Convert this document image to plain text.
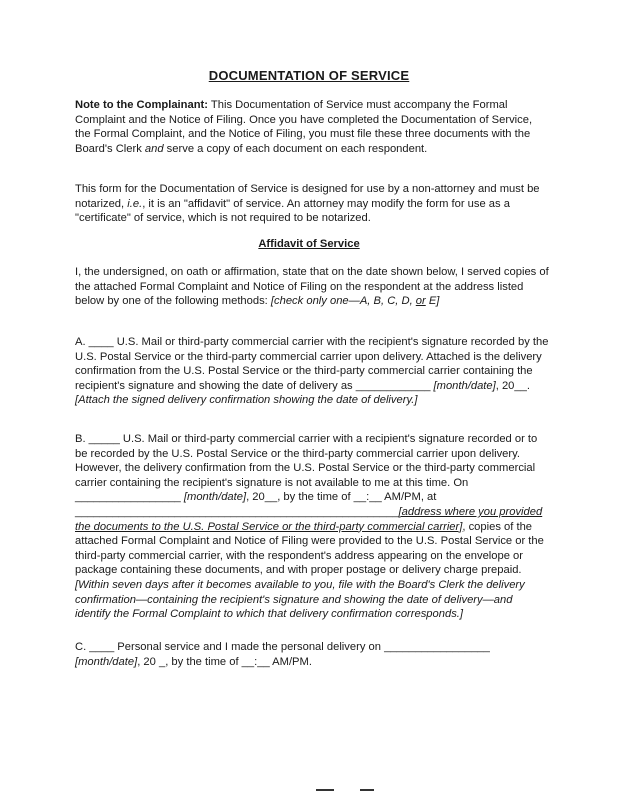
DOCUMENTATION OF SERVICE

Note to the Complainant: This Documentation of Service must accompany the Formal Complaint and the Notice of Filing. Once you have completed the Documentation of Service, the Formal Complaint, and the Notice of Filing, you must file these three documents with the Board's Clerk and serve a copy of each document on each respondent.

This form for the Documentation of Service is designed for use by a non-attorney and must be notarized, i.e., it is an "affidavit" of service. An attorney may modify the form for use as a "certificate" of service, which is not required to be notarized.

Affidavit of Service

I, the undersigned, on oath or affirmation, state that on the date shown below, I served copies of the attached Formal Complaint and Notice of Filing on the respondent at the address listed below by one of the following methods: [check only one—A, B, C, D, or E]

A. ____ U.S. Mail or third-party commercial carrier with the recipient's signature recorded by the U.S. Postal Service or the third-party commercial carrier upon delivery. Attached is the delivery confirmation from the U.S. Postal Service or the third-party commercial carrier containing the recipient's signature and showing the date of delivery as ____________ [month/date], 20__. [Attach the signed delivery confirmation showing the date of delivery.]

B. _____ U.S. Mail or third-party commercial carrier with a recipient's signature recorded or to be recorded by the U.S. Postal Service or the third-party commercial carrier upon delivery. However, the delivery confirmation from the U.S. Postal Service or the third-party commercial carrier containing the recipient's signature is not available to me at this time. On _________________ [month/date], 20__, by the time of __:__ AM/PM, at ____________________________________________________[address where you provided the documents to the U.S. Postal Service or the third-party commercial carrier], copies of the attached Formal Complaint and Notice of Filing were provided to the U.S. Postal Service or the third-party commercial carrier, with the respondent's address appearing on the envelope or package containing these documents, and with proper postage or delivery charge prepaid. [Within seven days after it becomes available to you, file with the Board's Clerk the delivery confirmation—containing the recipient's signature and showing the date of delivery—and identify the Formal Complaint to which that delivery confirmation corresponds.]

C. ____ Personal service and I made the personal delivery on _________________ [month/date], 20 _, by the time of __:__ AM/PM.
